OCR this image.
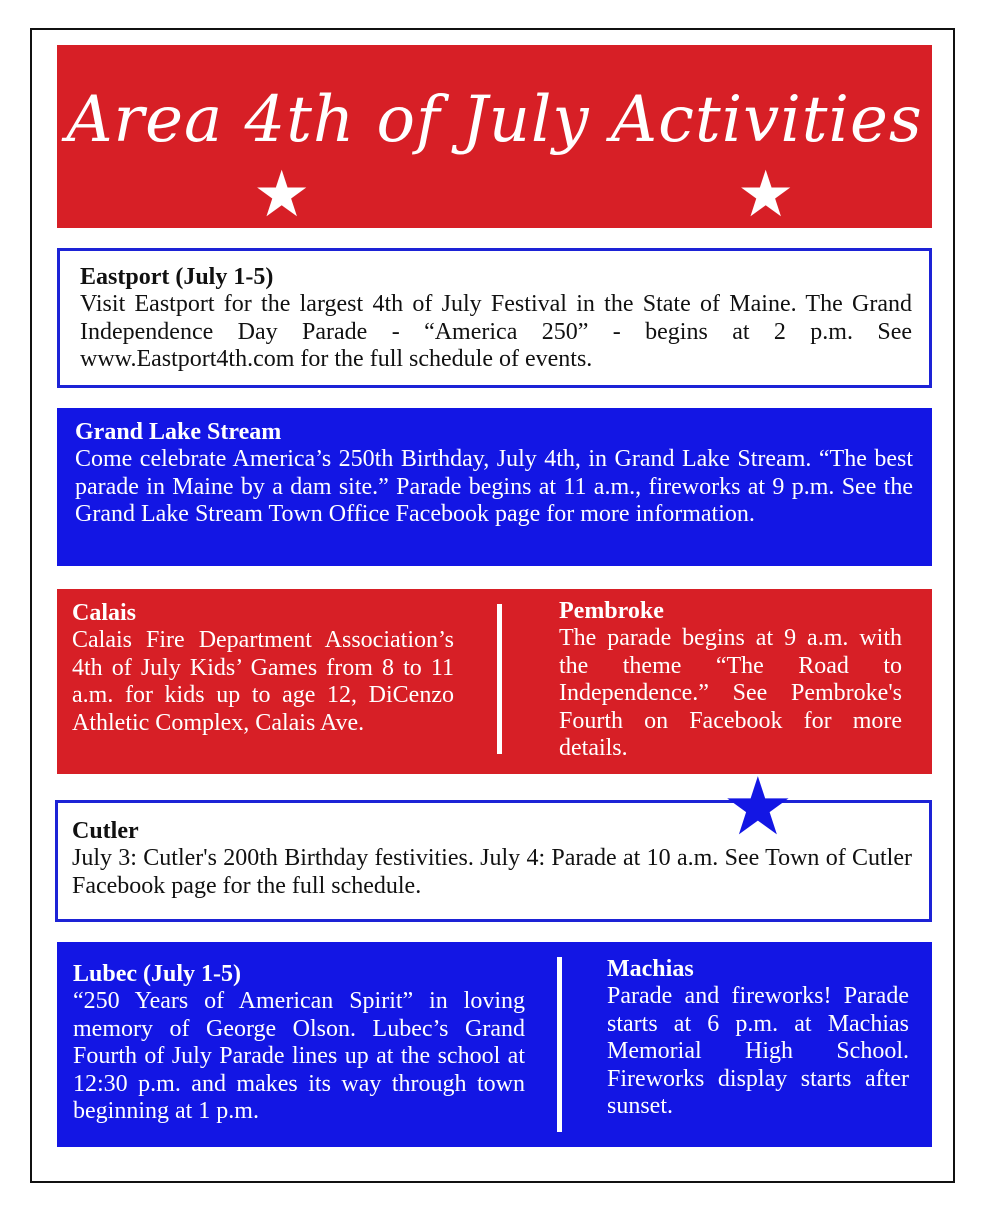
Area 4th of July Activities
★	★
Eastport (July 1-5)
Visit Eastport for the largest 4th of July Festival in the State of Maine. The Grand Independence Day Parade - “America 250” - begins at 2 p.m. See www.Eastport4th.com for the full schedule of events.
Grand Lake Stream
Come celebrate America’s 250th Birthday, July 4th, in Grand Lake Stream. “The best parade in Maine by a dam site.” Parade begins at 11 a.m., fireworks at 9 p.m. See the Grand Lake Stream Town Office Facebook page for more information.
Calais
Calais Fire Department Association’s 4th of July Kids’ Games from 8 to 11 a.m. for kids up to age 12, DiCenzo Athletic Complex, Calais Ave.
Pembroke
The parade begins at 9 a.m. with the theme “The Road to Independence.” See Pembroke's Fourth on Facebook for more details.
Cutler
July 3: Cutler's 200th Birthday festivities. July 4: Parade at 10 a.m. See Town of Cutler Facebook page for the full schedule.
★
Lubec (July 1-5)
“250 Years of American Spirit” in loving memory of George Olson. Lubec’s Grand Fourth of July Parade lines up at the school at 12:30 p.m. and makes its way through town beginning at 1 p.m.
Machias
Parade and fireworks! Parade starts at 6 p.m. at Machias Memorial High School. Fireworks display starts after sunset.
